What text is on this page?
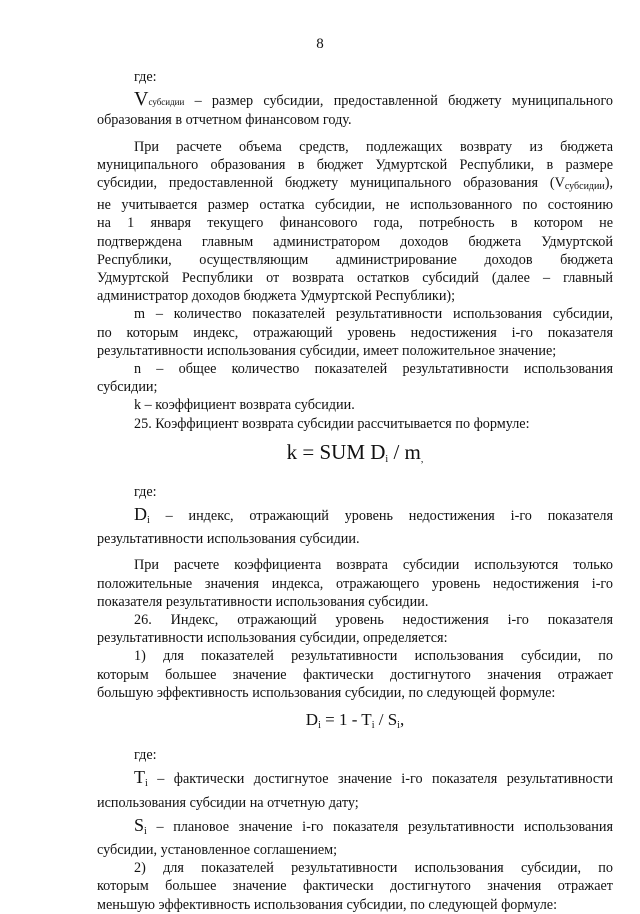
8

где:

Vсубсидии – размер субсидии, предоставленной бюджету муниципального

образования в отчетном финансовом году.

При расчете объема средств, подлежащих возврату из бюджета

муниципального образования в бюджет Удмуртской Республики, в размере

субсидии, предоставленной бюджету муниципального образования (Vсубсидии),

не учитывается размер остатка субсидии, не использованного по состоянию

на 1 января текущего финансового года, потребность в котором не

подтверждена главным администратором доходов бюджета Удмуртской

Республики, осуществляющим администрирование доходов бюджета

Удмуртской Республики от возврата остатков субсидий (далее – главный

администратор доходов бюджета Удмуртской Республики);

m – количество показателей результативности использования субсидии,

по которым индекс, отражающий уровень недостижения i-го показателя

результативности использования субсидии, имеет положительное значение;

n – общее количество показателей результативности использования

субсидии;

k – коэффициент возврата субсидии.

25. Коэффициент возврата субсидии рассчитывается по формуле:

k = SUM Di / m,

где:

$D_i$ – индекс, отражающий уровень недостижения i-го показателя

результативности использования субсидии.

При расчете коэффициента возврата субсидии используются только

положительные значения индекса, отражающего уровень недостижения i-го

показателя результативности использования субсидии.

26. Индекс, отражающий уровень недостижения i-го показателя

результативности использования субсидии, определяется:

1) для показателей результативности использования субсидии, по

которым большее значение фактически достигнутого значения отражает

большую эффективность использования субсидии, по следующей формуле:

Di = 1 - Ti / Si,

где:

$T_i$ – фактически достигнутое значение i-го показателя результативности

использования субсидии на отчетную дату;

$S_i$ – плановое значение i-го показателя результативности использования

субсидии, установленное соглашением;

2) для показателей результативности использования субсидии, по

которым большее значение фактически достигнутого значения отражает

меньшую эффективность использования субсидии, по следующей формуле:
